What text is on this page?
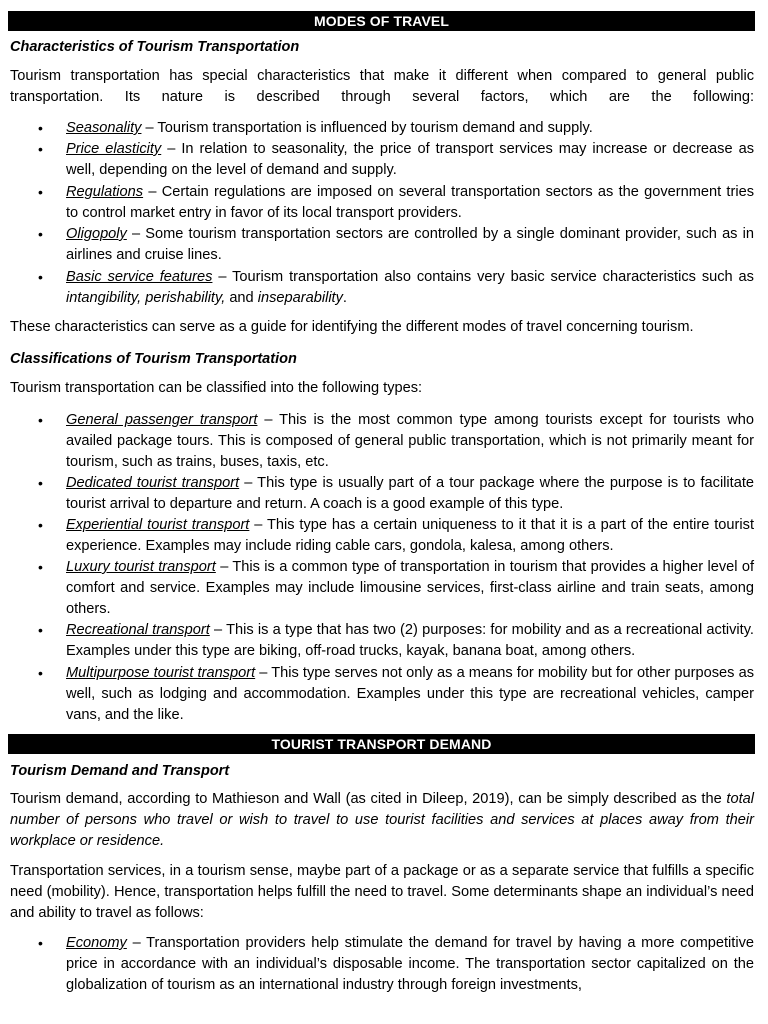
MODES OF TRAVEL
Characteristics of Tourism Transportation

Tourism transportation has special characteristics that make it different when compared to general public transportation. Its nature is described through several factors, which are the following:

• Seasonality – Tourism transportation is influenced by tourism demand and supply.

• Price elasticity – In relation to seasonality, the price of transport services may increase or decrease as well, depending on the level of demand and supply.

• Regulations – Certain regulations are imposed on several transportation sectors as the government tries to control market entry in favor of its local transport providers.

• Oligopoly – Some tourism transportation sectors are controlled by a single dominant provider, such as in airlines and cruise lines.

• Basic service features – Tourism transportation also contains very basic service characteristics such as intangibility, perishability, and inseparability.

These characteristics can serve as a guide for identifying the different modes of travel concerning tourism.

Classifications of Tourism Transportation

Tourism transportation can be classified into the following types:

• General passenger transport – This is the most common type among tourists except for tourists who availed package tours. This is composed of general public transportation, which is not primarily meant for tourism, such as trains, buses, taxis, etc.

• Dedicated tourist transport – This type is usually part of a tour package where the purpose is to facilitate tourist arrival to departure and return. A coach is a good example of this type.

• Experiential tourist transport – This type has a certain uniqueness to it that it is a part of the entire tourist experience. Examples may include riding cable cars, gondola, kalesa, among others.

• Luxury tourist transport – This is a common type of transportation in tourism that provides a higher level of comfort and service. Examples may include limousine services, first-class airline and train seats, among others.

• Recreational transport – This is a type that has two (2) purposes: for mobility and as a recreational activity. Examples under this type are biking, off-road trucks, kayak, banana boat, among others.

• Multipurpose tourist transport – This type serves not only as a means for mobility but for other purposes as well, such as lodging and accommodation. Examples under this type are recreational vehicles, camper vans, and the like.

TOURIST TRANSPORT DEMAND
Tourism Demand and Transport

Tourism demand, according to Mathieson and Wall (as cited in Dileep, 2019), can be simply described as the total number of persons who travel or wish to travel to use tourist facilities and services at places away from their workplace or residence.

Transportation services, in a tourism sense, maybe part of a package or as a separate service that fulfills a specific need (mobility). Hence, transportation helps fulfill the need to travel. Some determinants shape an individual’s need and ability to travel as follows:

• Economy – Transportation providers help stimulate the demand for travel by having a more competitive price in accordance with an individual’s disposable income. The transportation sector capitalized on the globalization of tourism as an international industry through foreign investments,
